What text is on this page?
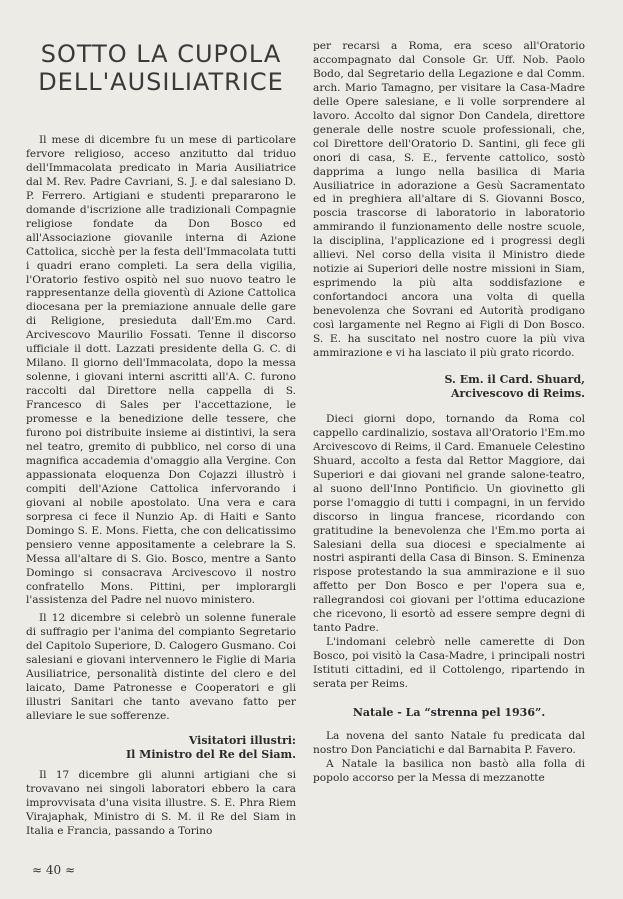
SOTTO LA CUPOLA
DELL'AUSILIATRICE

Il mese di dicembre fu un mese di particolare fervore religioso, acceso anzitutto dal triduo dell'Immacolata predicato in Maria Ausiliatrice dal M. Rev. Padre Cavriani, S. J. e dal salesiano D. P. Ferrero. Artigiani e studenti prepararono le domande d'iscrizione alle tradizionali Compagnie religiose fondate da Don Bosco ed all'Associazione giovanile interna di Azione Cattolica, sicchè per la festa dell'Immacolata tutti i quadri erano completi. La sera della vigilia, l'Oratorio festivo ospitò nel suo nuovo teatro le rappresentanze della gioventù di Azione Cattolica diocesana per la premiazione annuale delle gare di Religione, presieduta dall'Em.mo Card. Arcivescovo Maurilio Fossati. Tenne il discorso ufficiale il dott. Lazzati presidente della G. C. di Milano. Il giorno dell'Immacolata, dopo la messa solenne, i giovani interni ascritti all'A. C. furono raccolti dal Direttore nella cappella di S. Francesco di Sales per l'accettazione, le promesse e la benedizione delle tessere, che furono poi distribuite insieme ai distintivi, la sera nel teatro, gremito di pubblico, nel corso di una magnifica accademia d'omaggio alla Vergine. Con appassionata eloquenza Don Cojazzi illustrò i compiti dell'Azione Cattolica infervorando i giovani al nobile apostolato. Una vera e cara sorpresa ci fece il Nunzio Ap. di Haiti e Santo Domingo S. E. Mons. Fietta, che con delicatissimo pensiero venne appositamente a celebrare la S. Messa all'altare di S. Gio. Bosco, mentre a Santo Domingo si consacrava Arcivescovo il nostro confratello Mons. Pittini, per implorargli l'assistenza del Padre nel nuovo ministero.

Il 12 dicembre si celebrò un solenne funerale di suffragio per l'anima del compianto Segretario del Capitolo Superiore, D. Calogero Gusmano. Coi salesiani e giovani intervennero le Figlie di Maria Ausiliatrice, personalità distinte del clero e del laicato, Dame Patronesse e Cooperatori e gli illustri Sanitari che tanto avevano fatto per alleviare le sue sofferenze.

Visitatori illustri:
Il Ministro del Re del Siam.

Il 17 dicembre gli alunni artigiani che si trovavano nei singoli laboratori ebbero la cara improvvisata d'una visita illustre. S. E. Phra Riem Virajaphak, Ministro di S. M. il Re del Siam in Italia e Francia, passando a Torino

per recarsi a Roma, era sceso all'Oratorio accompagnato dal Console Gr. Uff. Nob. Paolo Bodo, dal Segretario della Legazione e dal Comm. arch. Mario Tamagno, per visitare la Casa-Madre delle Opere salesiane, e li volle sorprendere al lavoro. Accolto dal signor Don Candela, direttore generale delle nostre scuole professionali, che, col Direttore dell'Oratorio D. Santini, gli fece gli onori di casa, S. E., fervente cattolico, sostò dapprima a lungo nella basilica di Maria Ausiliatrice in adorazione a Gesù Sacramentato ed in preghiera all'altare di S. Giovanni Bosco, poscia trascorse di laboratorio in laboratorio ammirando il funzionamento delle nostre scuole, la disciplina, l'applicazione ed i progressi degli allievi. Nel corso della visita il Ministro diede notizie ai Superiori delle nostre missioni in Siam, esprimendo la più alta soddisfazione e confortandoci ancora una volta di quella benevolenza che Sovrani ed Autorità prodigano così largamente nel Regno ai Figli di Don Bosco. S. E. ha suscitato nel nostro cuore la più viva ammirazione e vi ha lasciato il più grato ricordo.

S. Em. il Card. Shuard,
Arcivescovo di Reims.

Dieci giorni dopo, tornando da Roma col cappello cardinalizio, sostava all'Oratorio l'Em.mo Arcivescovo di Reims, il Card. Emanuele Celestino Shuard, accolto a festa dal Rettor Maggiore, dai Superiori e dai giovani nel grande salone-teatro, al suono dell'Inno Pontificio. Un giovinetto gli porse l'omaggio di tutti i compagni, in un fervido discorso in lingua francese, ricordando con gratitudine la benevolenza che l'Em.mo porta ai Salesiani della sua diocesi e specialmente ai nostri aspiranti della Casa di Binson. S. Eminenza rispose protestando la sua ammirazione e il suo affetto per Don Bosco e per l'opera sua e, rallegrandosi coi giovani per l'ottima educazione che ricevono, li esortò ad essere sempre degni di tanto Padre.

L'indomani celebrò nelle camerette di Don Bosco, poi visitò la Casa-Madre, i principali nostri Istituti cittadini, ed il Cottolengo, ripartendo in serata per Reims.

Natale - La “strenna pel 1936”.

La novena del santo Natale fu predicata dal nostro Don Panciatichi e dal Barnabita P. Favero.

A Natale la basilica non bastò alla folla di popolo accorso per la Messa di mezzanotte

≈ 40 ≈
